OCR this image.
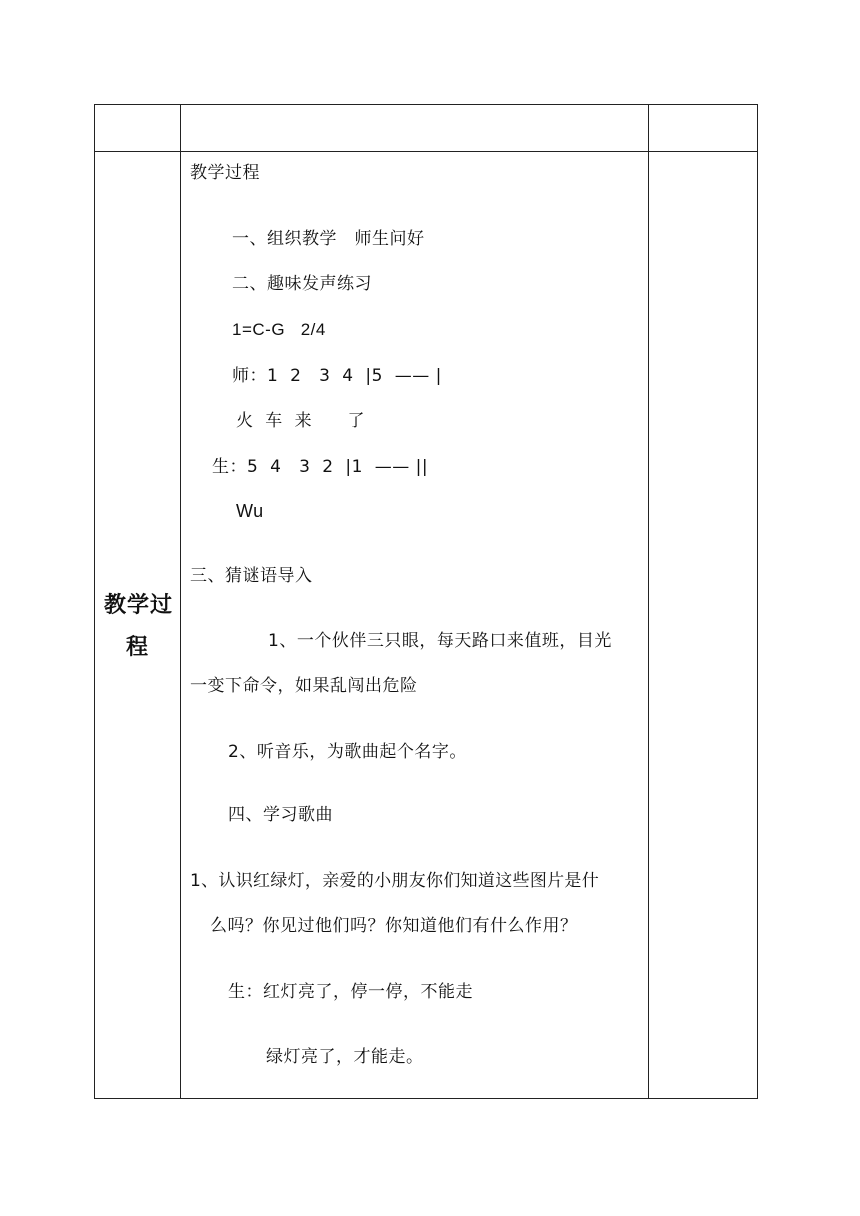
教学过
程
教学过程
一、组织教学　师生问好
二、趣味发声练习
1=C-G   2/4
师：1  2   3  4  |5  —— |
火  车  来      了
生：5  4   3  2  |1  —— ||
Wu
三、猜谜语导入
1、一个伙伴三只眼，每天路口来值班，目光
一变下命令，如果乱闯出危险
2、听音乐，为歌曲起个名字。
四、学习歌曲
1、认识红绿灯，亲爱的小朋友你们知道这些图片是什
么吗？你见过他们吗？你知道他们有什么作用？
生：红灯亮了，停一停，不能走
绿灯亮了，才能走。
